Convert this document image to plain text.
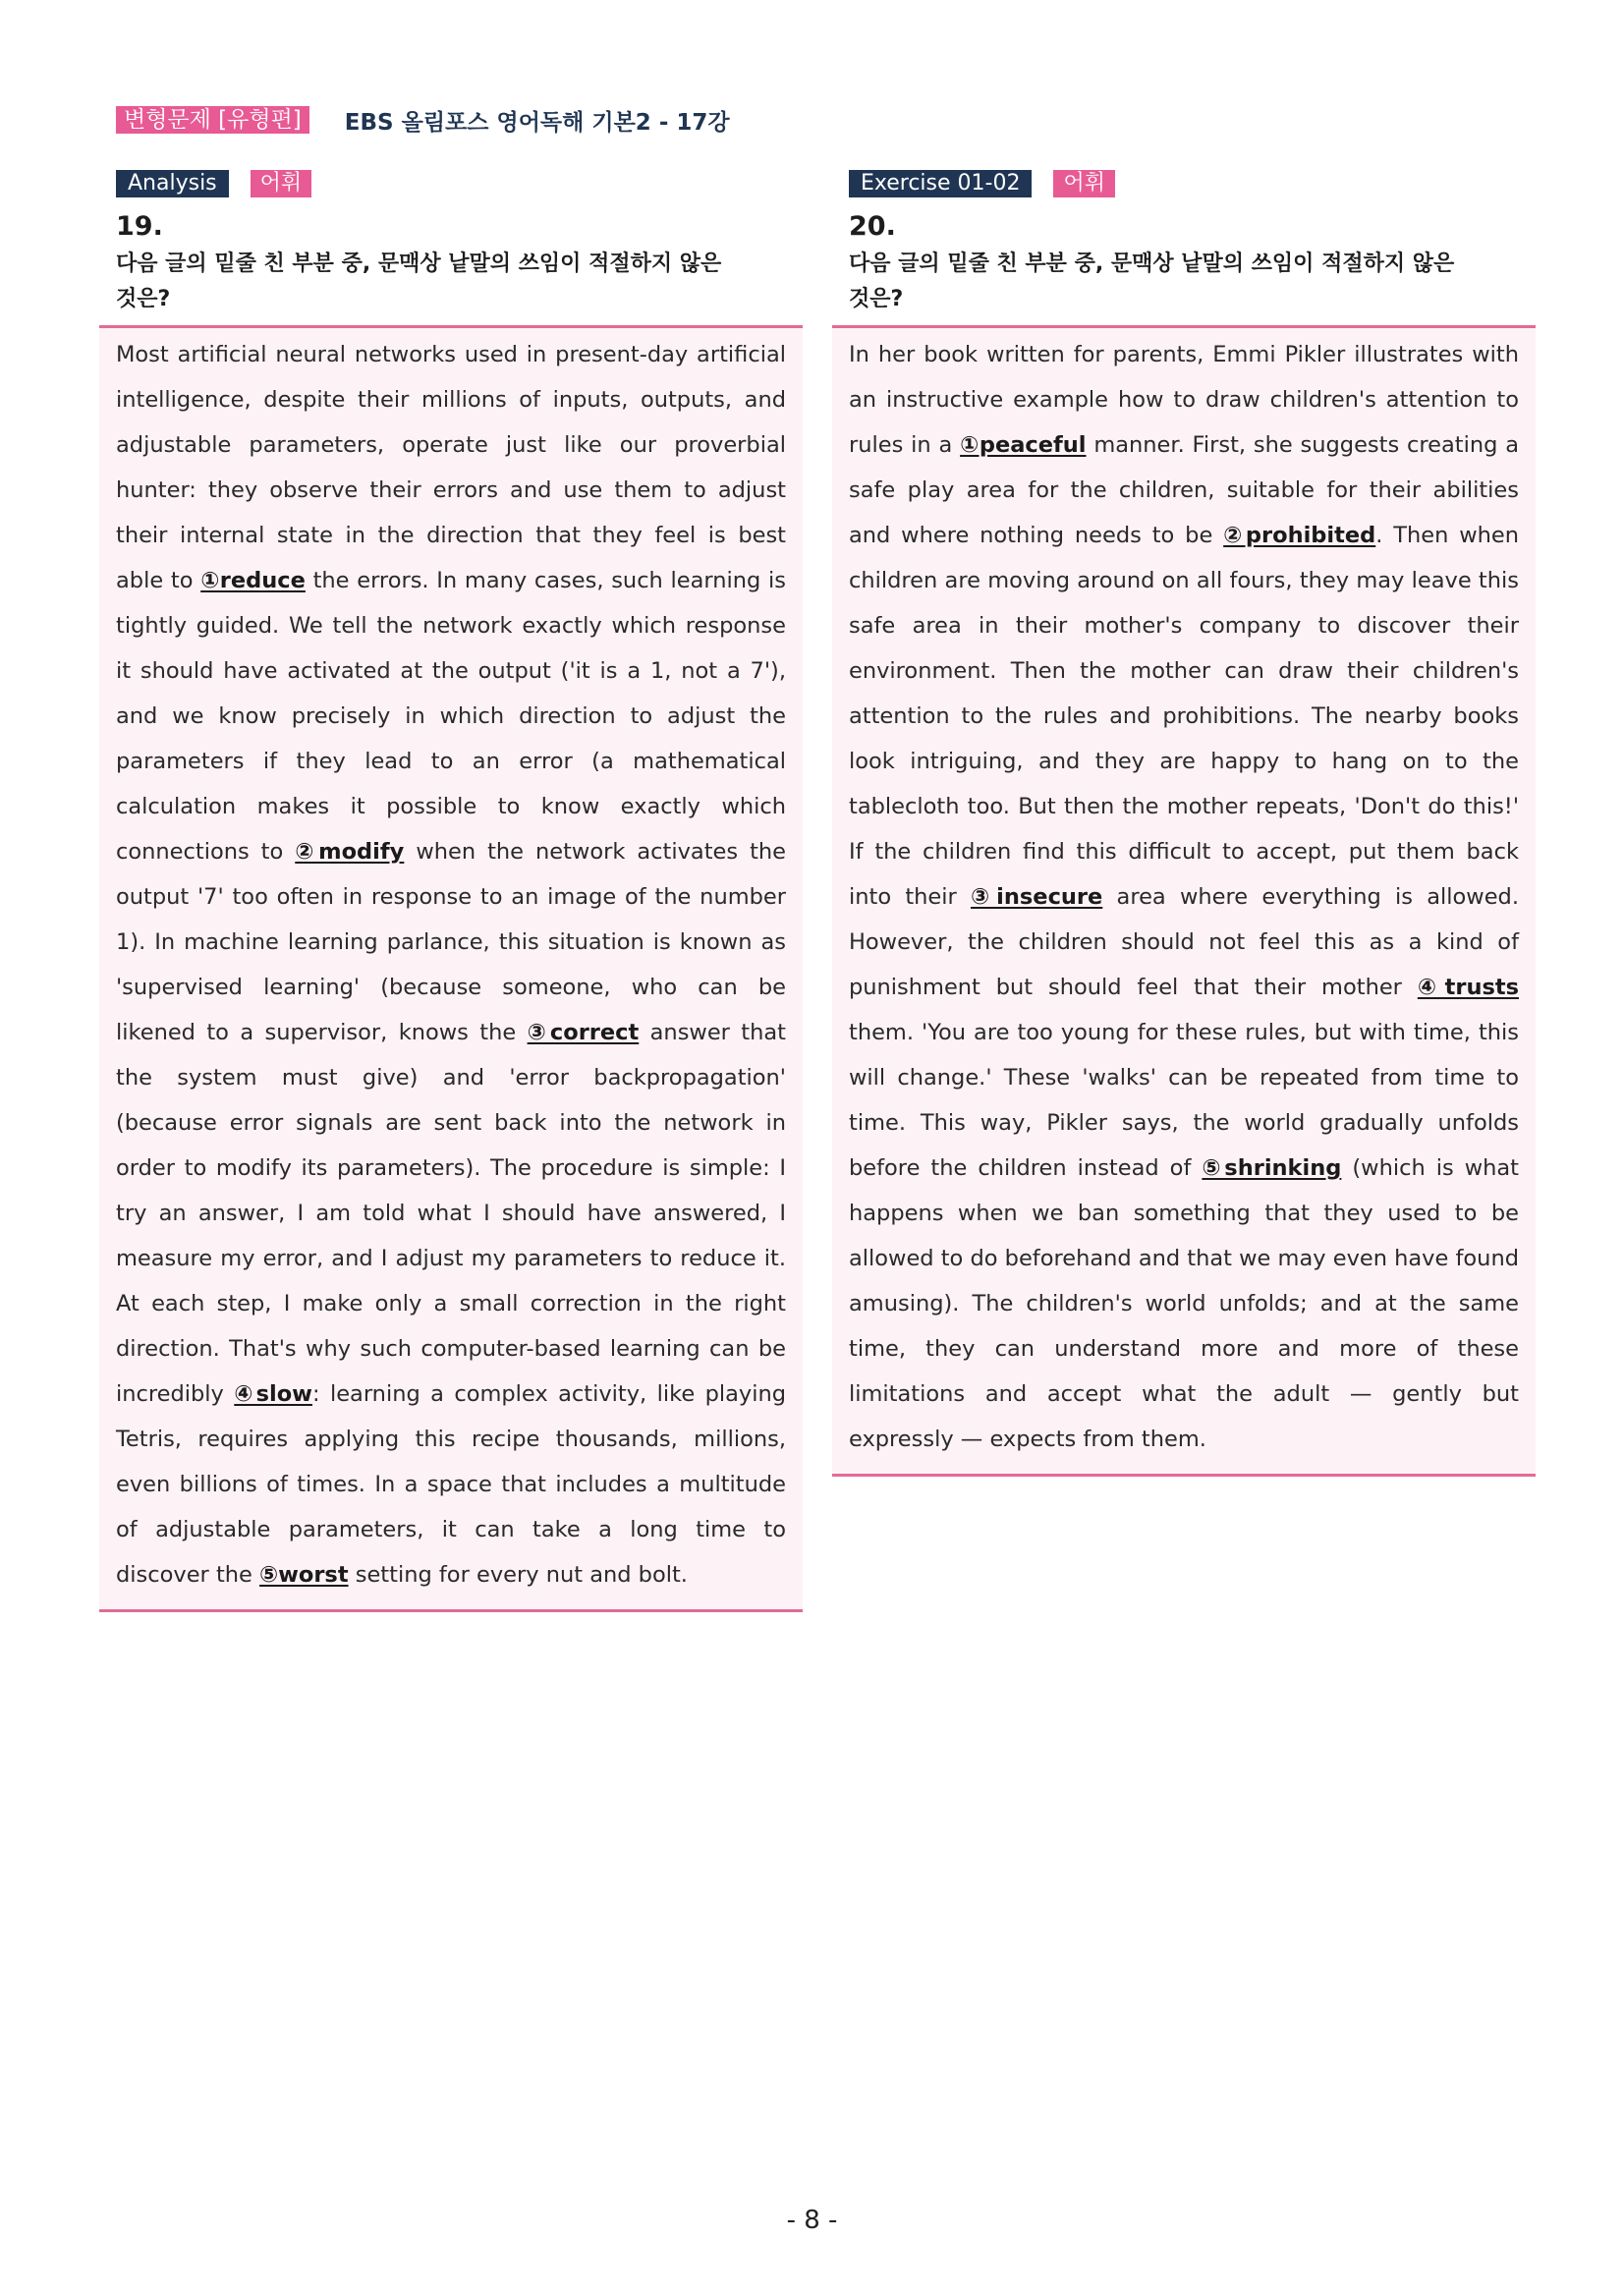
변형문제 [유형편]	EBS 올림포스 영어독해 기본2 - 17강
Analysis	어휘
19. 다음 글의 밑줄 친 부분 중, 문맥상 낱말의 쓰임이 적절하지 않은 것은?
Most artificial neural networks used in present-day artificial intelligence, despite their millions of inputs, outputs, and adjustable parameters, operate just like our proverbial hunter: they observe their errors and use them to adjust their internal state in the direction that they feel is best able to ①reduce the errors. In many cases, such learning is tightly guided. We tell the network exactly which response it should have activated at the output ('it is a 1, not a 7'), and we know precisely in which direction to adjust the parameters if they lead to an error (a mathematical calculation makes it possible to know exactly which connections to ②modify when the network activates the output '7' too often in response to an image of the number 1). In machine learning parlance, this situation is known as 'supervised learning' (because someone, who can be likened to a supervisor, knows the ③correct answer that the system must give) and 'error backpropagation' (because error signals are sent back into the network in order to modify its parameters). The procedure is simple: I try an answer, I am told what I should have answered, I measure my error, and I adjust my parameters to reduce it. At each step, I make only a small correction in the right direction. That's why such computer-based learning can be incredibly ④slow: learning a complex activity, like playing Tetris, requires applying this recipe thousands, millions, even billions of times. In a space that includes a multitude of adjustable parameters, it can take a long time to discover the ⑤worst setting for every nut and bolt.
Exercise 01-02	어휘
20. 다음 글의 밑줄 친 부분 중, 문맥상 낱말의 쓰임이 적절하지 않은 것은?
In her book written for parents, Emmi Pikler illustrates with an instructive example how to draw children's attention to rules in a ①peaceful manner. First, she suggests creating a safe play area for the children, suitable for their abilities and where nothing needs to be ②prohibited. Then when children are moving around on all fours, they may leave this safe area in their mother's company to discover their environment. Then the mother can draw their children's attention to the rules and prohibitions. The nearby books look intriguing, and they are happy to hang on to the tablecloth too. But then the mother repeats, 'Don't do this!' If the children find this difficult to accept, put them back into their ③insecure area where everything is allowed. However, the children should not feel this as a kind of punishment but should feel that their mother ④trusts them. 'You are too young for these rules, but with time, this will change.' These 'walks' can be repeated from time to time. This way, Pikler says, the world gradually unfolds before the children instead of ⑤shrinking (which is what happens when we ban something that they used to be allowed to do beforehand and that we may even have found amusing). The children's world unfolds; and at the same time, they can understand more and more of these limitations and accept what the adult — gently but expressly — expects from them.
- 8 -
